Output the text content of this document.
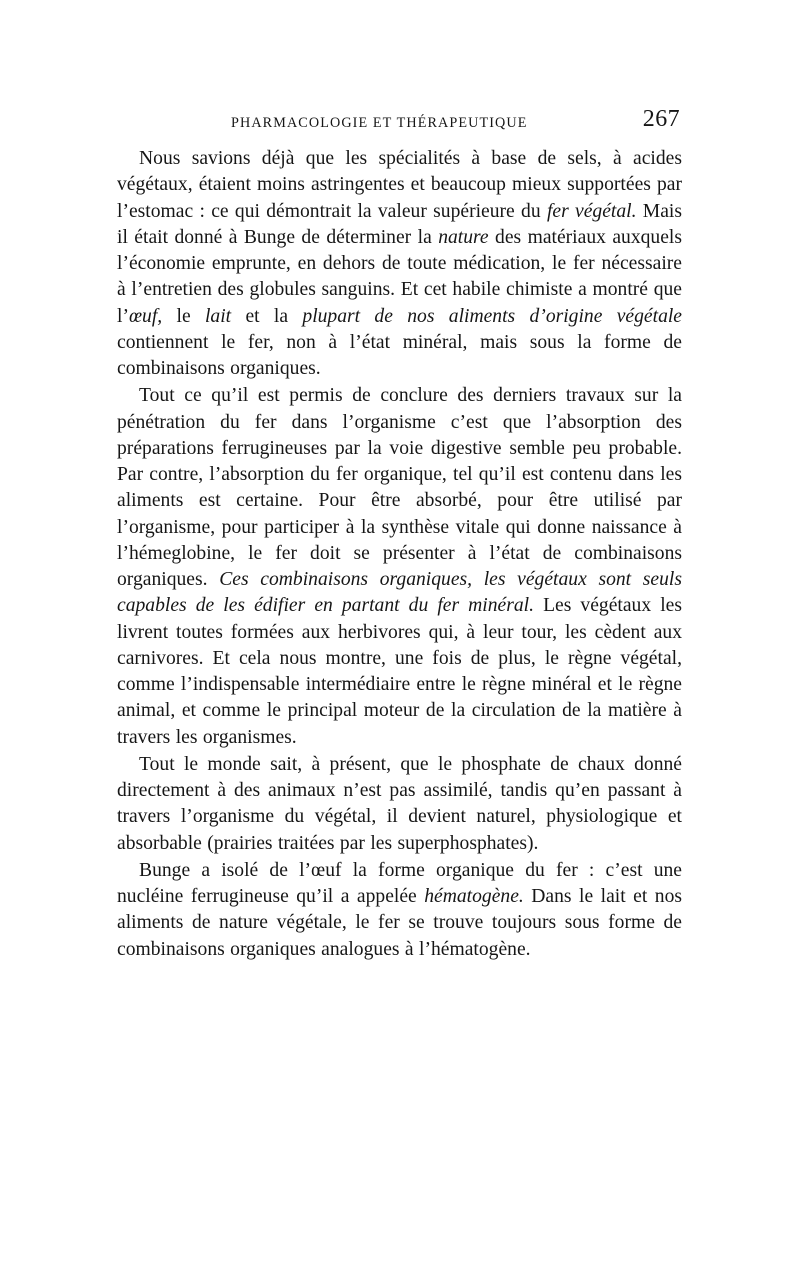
PHARMACOLOGIE ET THÉRAPEUTIQUE	267

Nous savions déjà que les spécialités à base de sels, à acides végétaux, étaient moins astringentes et beaucoup mieux supportées par l’estomac : ce qui démontrait la valeur supérieure du fer végétal. Mais il était donné à Bunge de déterminer la nature des matériaux auxquels l’économie emprunte, en dehors de toute médication, le fer nécessaire à l’entretien des globules sanguins. Et cet habile chimiste a montré que l’œuf, le lait et la plupart de nos aliments d’origine végétale contiennent le fer, non à l’état minéral, mais sous la forme de combinaisons organiques.

Tout ce qu’il est permis de conclure des derniers travaux sur la pénétration du fer dans l’organisme c’est que l’absorption des préparations ferrugineuses par la voie digestive semble peu probable. Par contre, l’absorption du fer organique, tel qu’il est contenu dans les aliments est certaine. Pour être absorbé, pour être utilisé par l’organisme, pour participer à la synthèse vitale qui donne naissance à l’hémeglobine, le fer doit se présenter à l’état de combinaisons organiques. Ces combinaisons organiques, les végétaux sont seuls capables de les édifier en partant du fer minéral. Les végétaux les livrent toutes formées aux herbivores qui, à leur tour, les cèdent aux carnivores. Et cela nous montre, une fois de plus, le règne végétal, comme l’indispensable intermédiaire entre le règne minéral et le règne animal, et comme le principal moteur de la circulation de la matière à travers les organismes.

Tout le monde sait, à présent, que le phosphate de chaux donné directement à des animaux n’est pas assimilé, tandis qu’en passant à travers l’organisme du végétal, il devient naturel, physiologique et absorbable (prairies traitées par les superphosphates).

Bunge a isolé de l’œuf la forme organique du fer : c’est une nucléine ferrugineuse qu’il a appelée hématogène. Dans le lait et nos aliments de nature végétale, le fer se trouve toujours sous forme de combinaisons organiques analogues à l’hématogène.
